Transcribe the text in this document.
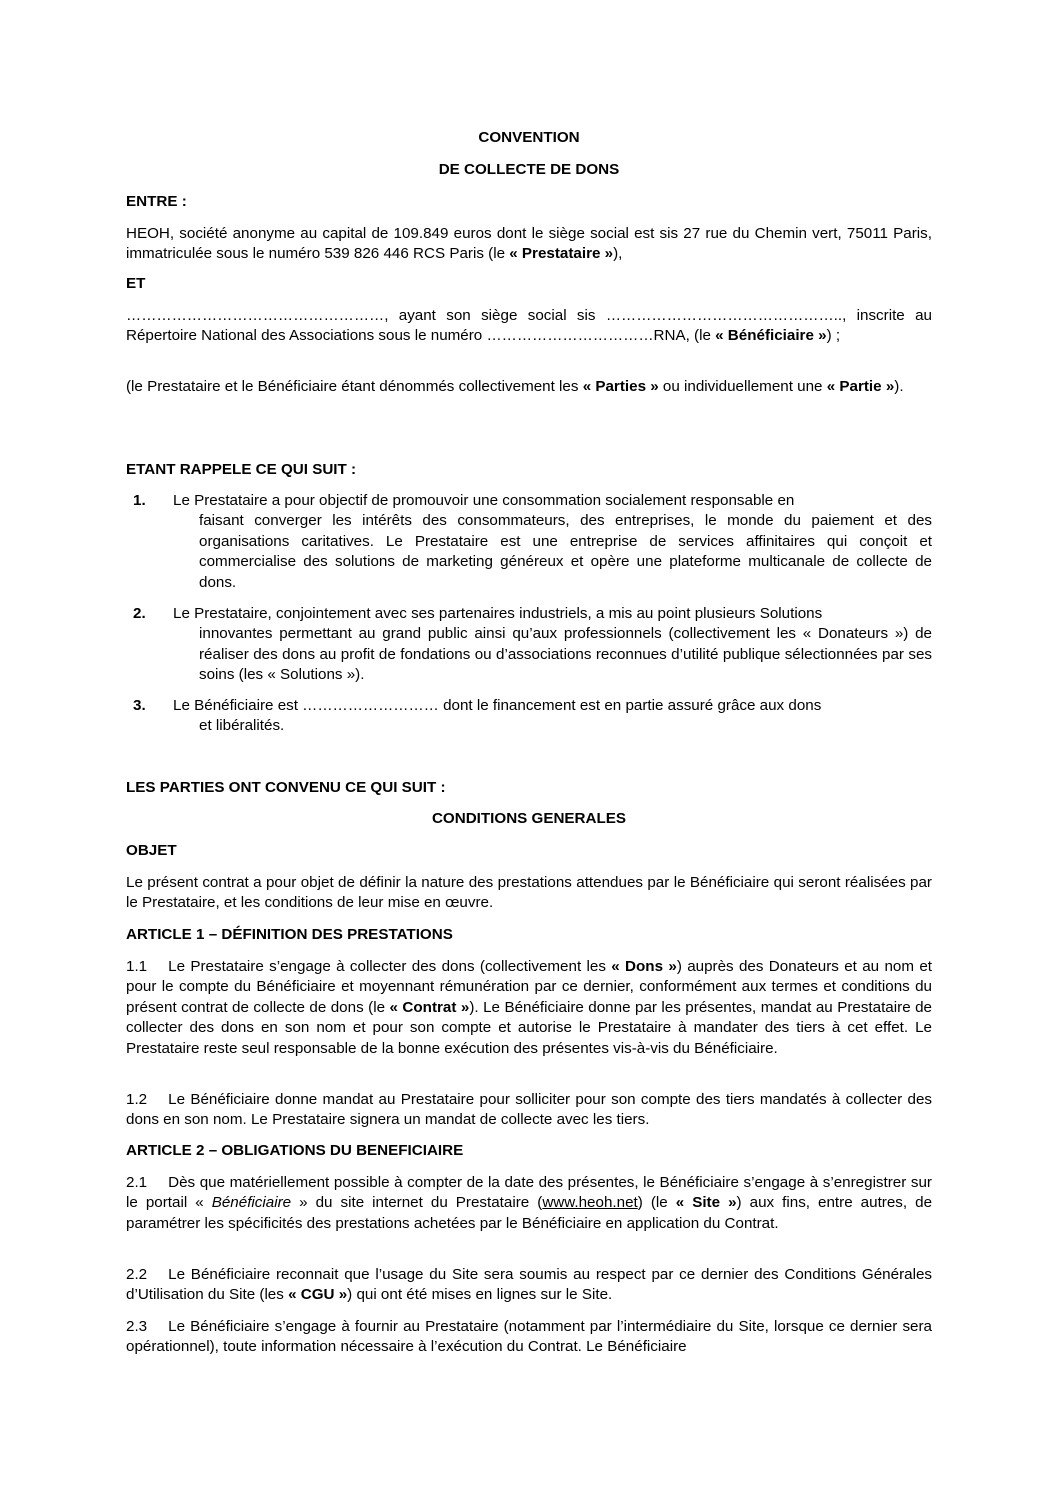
CONVENTION
DE COLLECTE DE DONS
ENTRE :

HEOH, société anonyme au capital de 109.849 euros dont le siège social est sis 27 rue du Chemin vert, 75011 Paris, immatriculée sous le numéro 539 826 446 RCS Paris (le « Prestataire »),

ET

……………………………………………, ayant son siège social sis ……………………………………….., inscrite au Répertoire National des Associations sous le numéro ……………………………RNA, (le « Bénéficiaire ») ;

(le Prestataire et le Bénéficiaire étant dénommés collectivement les « Parties » ou individuellement une « Partie »).

ETANT RAPPELE CE QUI SUIT :
1. Le Prestataire a pour objectif de promouvoir une consommation socialement responsable en
faisant converger les intérêts des consommateurs, des entreprises, le monde du paiement et des organisations caritatives. Le Prestataire est une entreprise de services affinitaires qui conçoit et commercialise des solutions de marketing généreux et opère une plateforme multicanale de collecte de dons.

2. Le Prestataire, conjointement avec ses partenaires industriels, a mis au point plusieurs Solutions
innovantes permettant au grand public ainsi qu’aux professionnels (collectivement les « Donateurs ») de réaliser des dons au profit de fondations ou d’associations reconnues d’utilité publique sélectionnées par ses soins (les « Solutions »).

3. Le Bénéficiaire est ……………………… dont le financement est en partie assuré grâce aux dons
et libéralités.

LES PARTIES ONT CONVENU CE QUI SUIT :
CONDITIONS GENERALES
OBJET

Le présent contrat a pour objet de définir la nature des prestations attendues par le Bénéficiaire qui seront réalisées par le Prestataire, et les conditions de leur mise en œuvre.

ARTICLE 1 – DÉFINITION DES PRESTATIONS

1.1 Le Prestataire s’engage à collecter des dons (collectivement les « Dons ») auprès des Donateurs et au nom et pour le compte du Bénéficiaire et moyennant rémunération par ce dernier, conformément aux termes et conditions du présent contrat de collecte de dons (le « Contrat »). Le Bénéficiaire donne par les présentes, mandat au Prestataire de collecter des dons en son nom et pour son compte et autorise le Prestataire à mandater des tiers à cet effet. Le Prestataire reste seul responsable de la bonne exécution des présentes vis-à-vis du Bénéficiaire.

1.2 Le Bénéficiaire donne mandat au Prestataire pour solliciter pour son compte des tiers mandatés à collecter des dons en son nom. Le Prestataire signera un mandat de collecte avec les tiers.

ARTICLE 2 – OBLIGATIONS DU BENEFICIAIRE

2.1 Dès que matériellement possible à compter de la date des présentes, le Bénéficiaire s’engage à s’enregistrer sur le portail « Bénéficiaire » du site internet du Prestataire (www.heoh.net) (le « Site ») aux fins, entre autres, de paramétrer les spécificités des prestations achetées par le Bénéficiaire en application du Contrat.

2.2 Le Bénéficiaire reconnait que l’usage du Site sera soumis au respect par ce dernier des Conditions Générales d’Utilisation du Site (les « CGU ») qui ont été mises en lignes sur le Site.

2.3 Le Bénéficiaire s’engage à fournir au Prestataire (notamment par l’intermédiaire du Site, lorsque ce dernier sera opérationnel), toute information nécessaire à l’exécution du Contrat. Le Bénéficiaire
